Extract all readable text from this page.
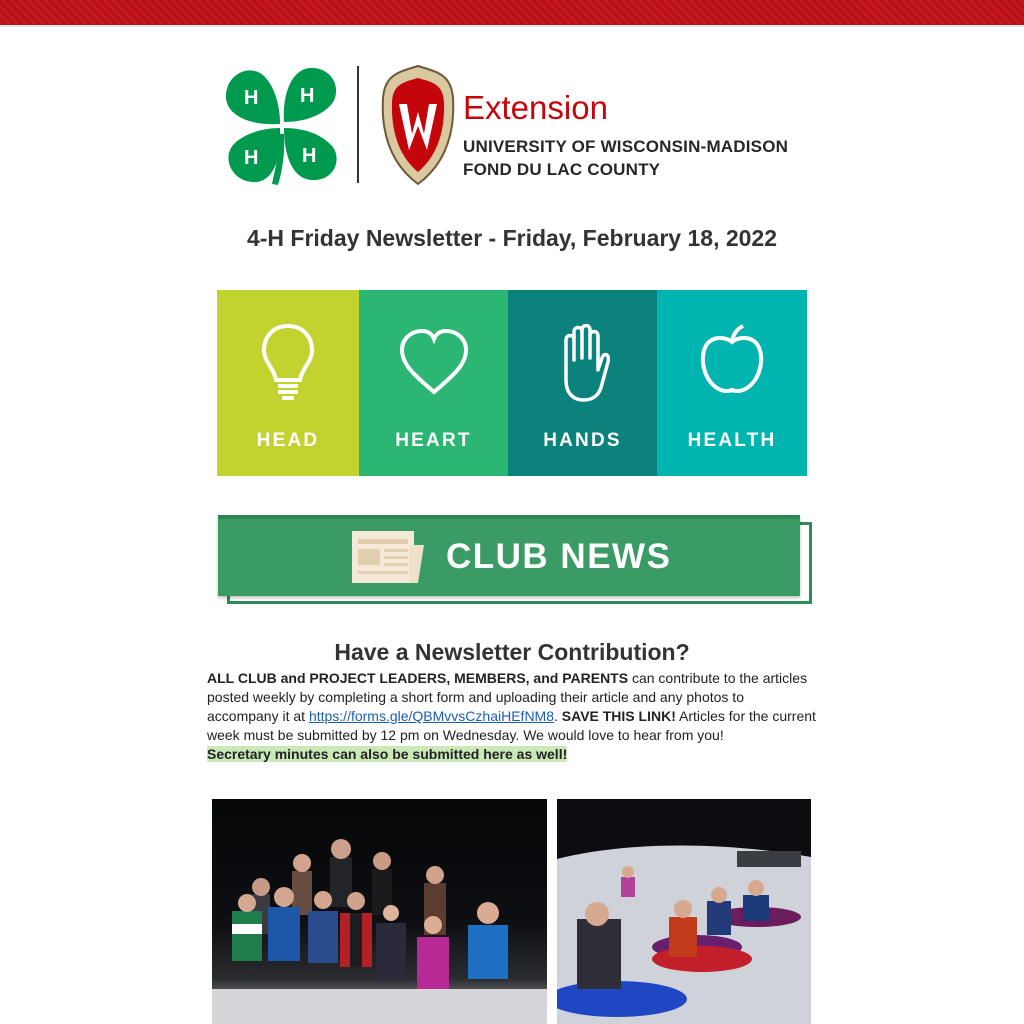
H H
H H
Extension
UNIVERSITY OF WISCONSIN-MADISON
FOND DU LAC COUNTY
4-H Friday Newsletter - Friday, February 18, 2022
HEAD	HEART	HANDS	HEALTH
CLUB NEWS
Have a Newsletter Contribution?
ALL CLUB and PROJECT LEADERS, MEMBERS, and PARENTS can contribute to the articles posted weekly by completing a short form and uploading their article and any photos to accompany it at https://forms.gle/QBMvvsCzhaiHEfNM8. SAVE THIS LINK! Articles for the current week must be submitted by 12 pm on Wednesday. We would love to hear from you!
Secretary minutes can also be submitted here as well!
